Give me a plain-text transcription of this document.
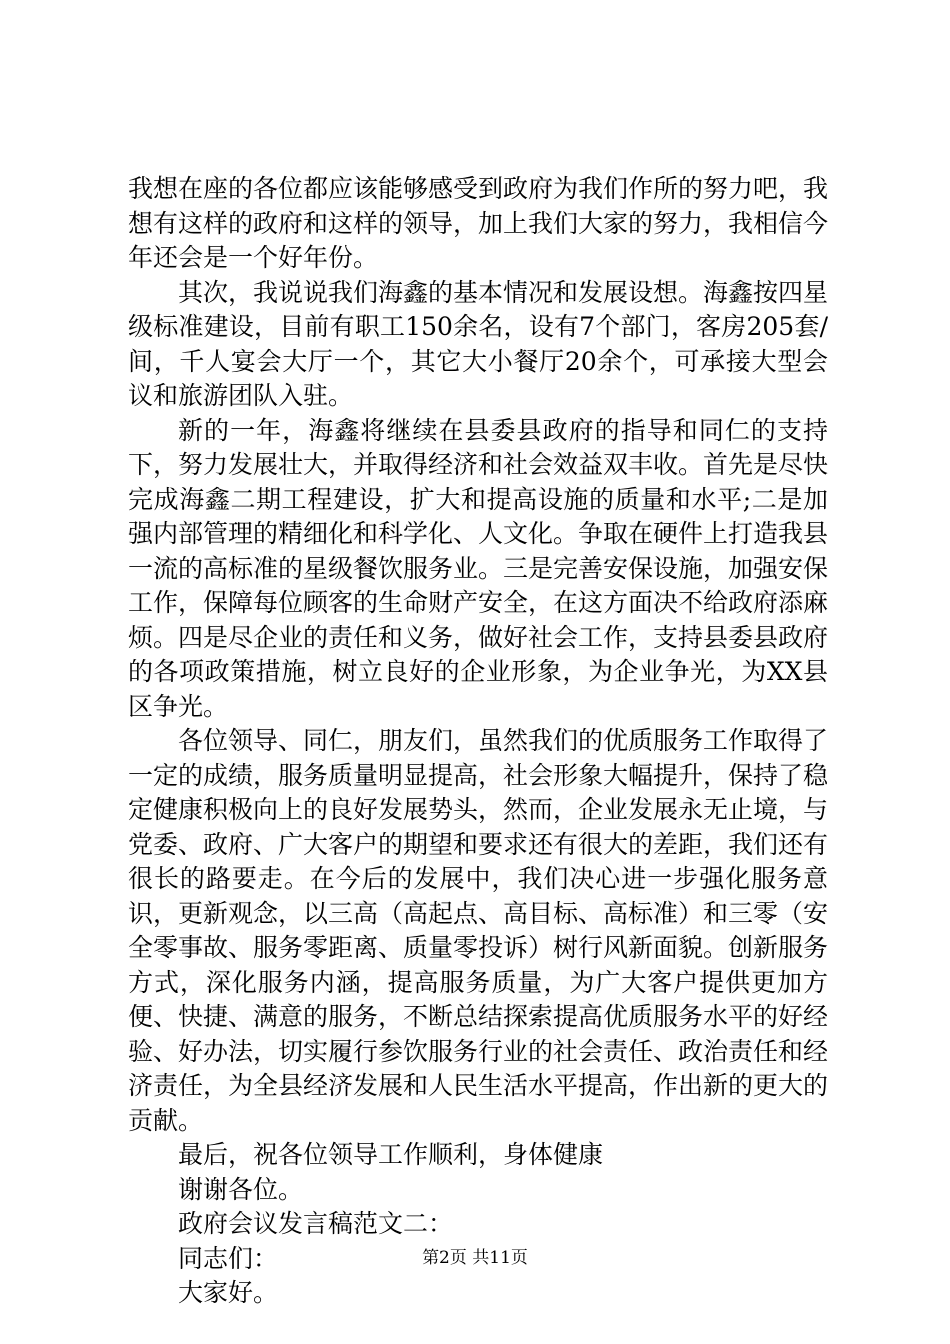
我想在座的各位都应该能够感受到政府为我们作所的努力吧，我想有这样的政府和这样的领导，加上我们大家的努力，我相信今年还会是一个好年份。

其次，我说说我们海鑫的基本情况和发展设想。海鑫按四星级标准建设，目前有职工150余名，设有7个部门，客房205套/间，千人宴会大厅一个，其它大小餐厅20余个，可承接大型会议和旅游团队入驻。

新的一年，海鑫将继续在县委县政府的指导和同仁的支持下，努力发展壮大，并取得经济和社会效益双丰收。首先是尽快完成海鑫二期工程建设，扩大和提高设施的质量和水平;二是加强内部管理的精细化和科学化、人文化。争取在硬件上打造我县一流的高标准的星级餐饮服务业。三是完善安保设施，加强安保工作，保障每位顾客的生命财产安全，在这方面决不给政府添麻烦。四是尽企业的责任和义务，做好社会工作，支持县委县政府的各项政策措施，树立良好的企业形象，为企业争光，为XX县区争光。

各位领导、同仁，朋友们，虽然我们的优质服务工作取得了一定的成绩，服务质量明显提高，社会形象大幅提升，保持了稳定健康积极向上的良好发展势头，然而，企业发展永无止境，与党委、政府、广大客户的期望和要求还有很大的差距，我们还有很长的路要走。在今后的发展中，我们决心进一步强化服务意识，更新观念，以三高（高起点、高目标、高标准）和三零（安全零事故、服务零距离、质量零投诉）树行风新面貌。创新服务方式，深化服务内涵，提高服务质量，为广大客户提供更加方便、快捷、满意的服务，不断总结探索提高优质服务水平的好经验、好办法，切实履行参饮服务行业的社会责任、政治责任和经济责任，为全县经济发展和人民生活水平提高，作出新的更大的贡献。

最后，祝各位领导工作顺利，身体健康

谢谢各位。

政府会议发言稿范文二：

同志们：

大家好。

第2页 共11页
